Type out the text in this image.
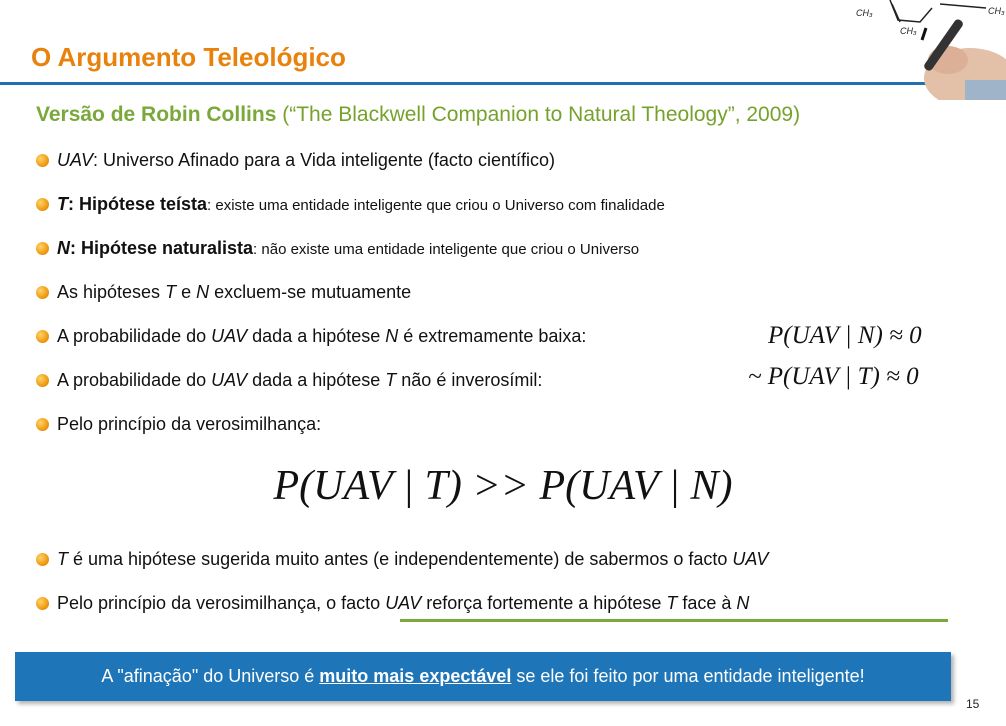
O Argumento Teleológico
CH₃
CH₃
CH₃
Versão de Robin Collins (“The Blackwell Companion to Natural Theology”, 2009)
UAV: Universo Afinado para a Vida inteligente (facto científico)
T: Hipótese teísta: existe uma entidade inteligente que criou o Universo com finalidade
N: Hipótese naturalista: não existe uma entidade inteligente que criou o Universo
As hipóteses T e N excluem-se mutuamente
A probabilidade do UAV dada a hipótese N é extremamente baixa:	P(UAV | N) ≈ 0
A probabilidade do UAV dada a hipótese T não é inverosímil:	~ P(UAV | T) ≈ 0
Pelo princípio da verosimilhança:
P(UAV | T) >> P(UAV | N)
T é uma hipótese sugerida muito antes (e independentemente) de sabermos o facto UAV
Pelo princípio da verosimilhança, o facto UAV reforça fortemente a hipótese T face à N
A "afinação" do Universo é muito mais expectável se ele foi feito por uma entidade inteligente!
15
